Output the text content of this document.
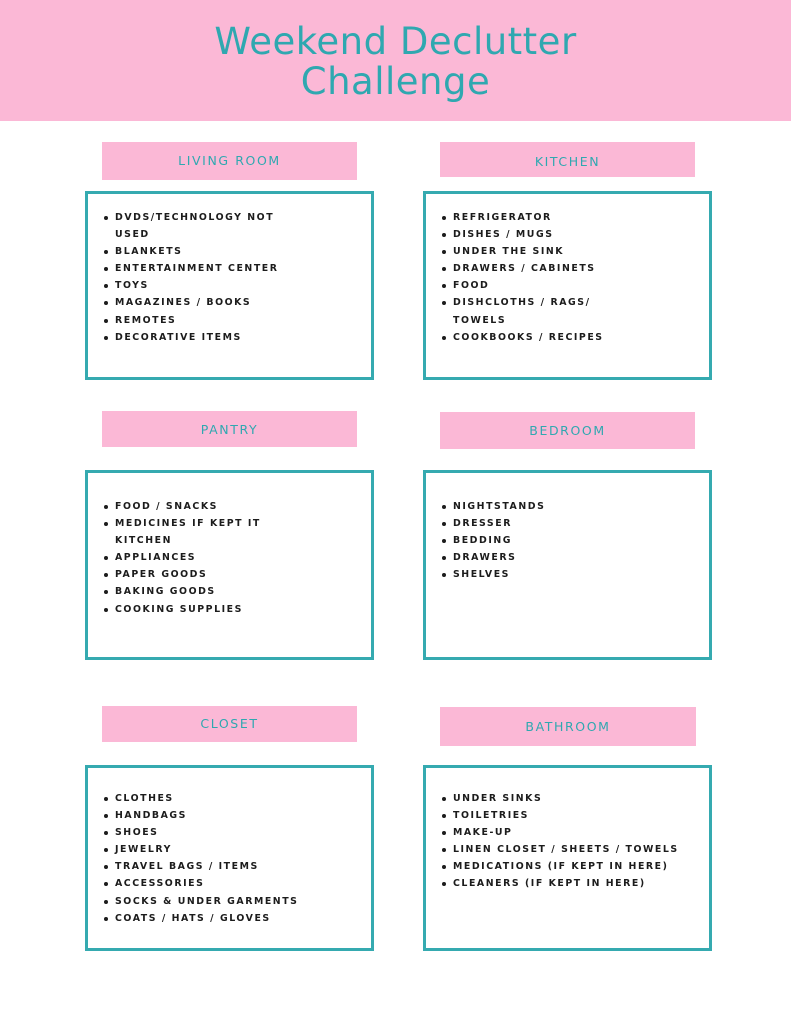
Weekend Declutter
Challenge
LIVING ROOM
DVDS/TECHNOLOGY NOT
USED
BLANKETS
ENTERTAINMENT CENTER
TOYS
MAGAZINES / BOOKS
REMOTES
DECORATIVE ITEMS
KITCHEN
REFRIGERATOR
DISHES / MUGS
UNDER THE SINK
DRAWERS / CABINETS
FOOD
DISHCLOTHS / RAGS/
TOWELS
COOKBOOKS / RECIPES
PANTRY
FOOD / SNACKS
MEDICINES IF KEPT IT
KITCHEN
APPLIANCES
PAPER GOODS
BAKING GOODS
COOKING SUPPLIES
BEDROOM
NIGHTSTANDS
DRESSER
BEDDING
DRAWERS
SHELVES
CLOSET
CLOTHES
HANDBAGS
SHOES
JEWELRY
TRAVEL BAGS / ITEMS
ACCESSORIES
SOCKS & UNDER GARMENTS
COATS / HATS / GLOVES
BATHROOM
UNDER SINKS
TOILETRIES
MAKE-UP
LINEN CLOSET / SHEETS / TOWELS
MEDICATIONS (IF KEPT IN HERE)
CLEANERS (IF KEPT IN HERE)
